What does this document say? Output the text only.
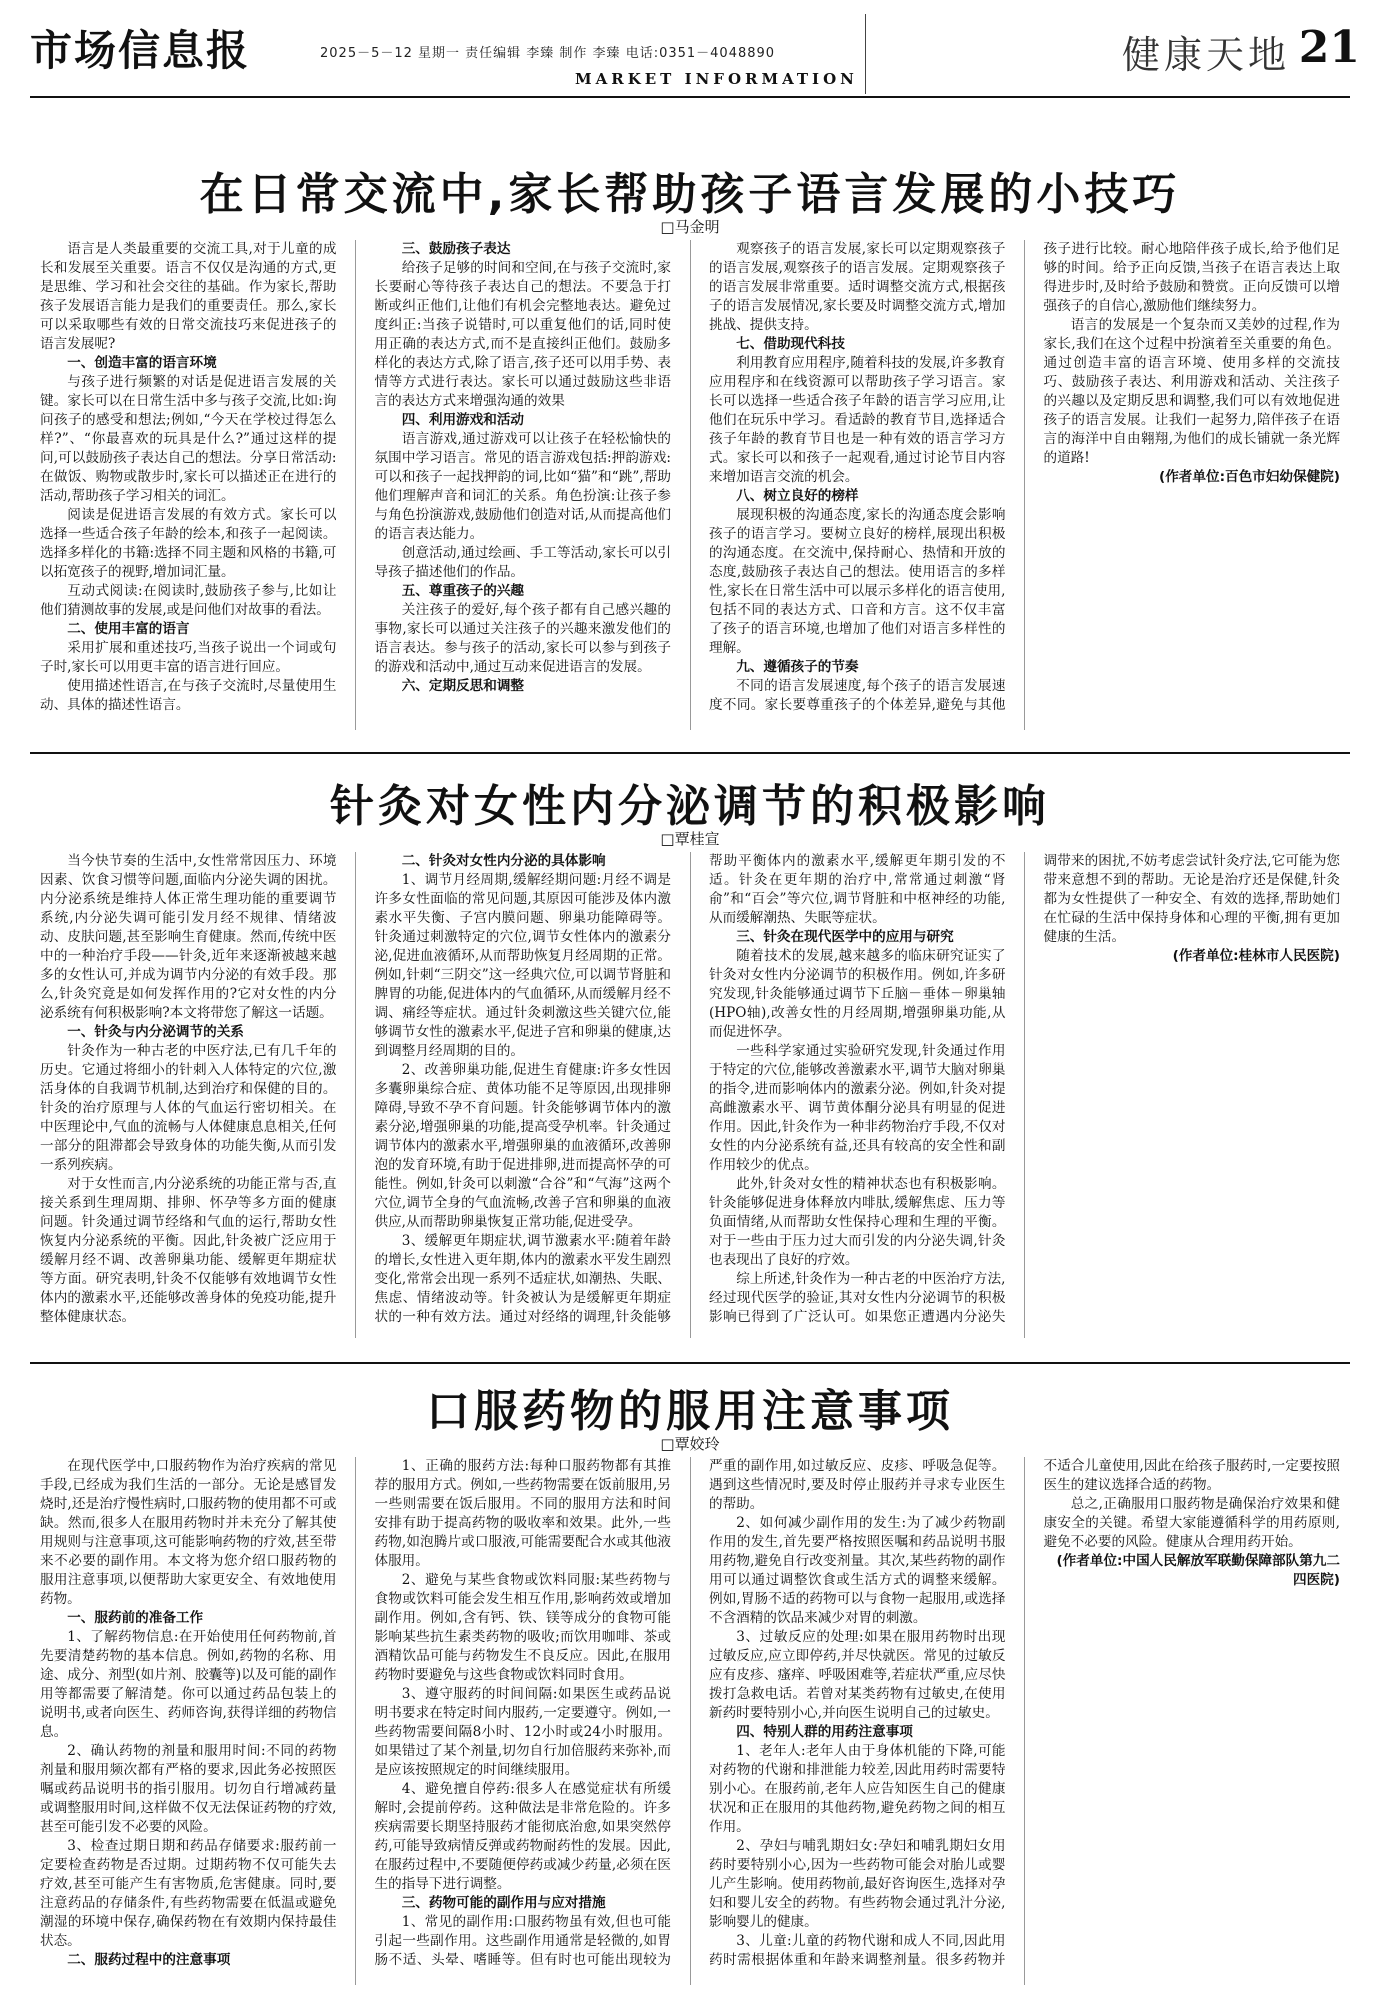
市场信息报	2025－5－12 星期一 责任编辑 李臻 制作 李臻 电话:0351－4048890
MARKET INFORMATION
健康天地 21
在日常交流中,家长帮助孩子语言发展的小技巧
□马金明

语言是人类最重要的交流工具,对于儿童的成长和发展至关重要。语言不仅仅是沟通的方式,更是思维、学习和社会交往的基础。作为家长,帮助孩子发展语言能力是我们的重要责任。那么,家长可以采取哪些有效的日常交流技巧来促进孩子的语言发展呢?

一、创造丰富的语言环境

与孩子进行频繁的对话是促进语言发展的关键。家长可以在日常生活中多与孩子交流,比如:询问孩子的感受和想法;例如,“今天在学校过得怎么样?”、“你最喜欢的玩具是什么?”通过这样的提问,可以鼓励孩子表达自己的想法。分享日常活动:在做饭、购物或散步时,家长可以描述正在进行的活动,帮助孩子学习相关的词汇。

阅读是促进语言发展的有效方式。家长可以选择一些适合孩子年龄的绘本,和孩子一起阅读。选择多样化的书籍:选择不同主题和风格的书籍,可以拓宽孩子的视野,增加词汇量。

互动式阅读:在阅读时,鼓励孩子参与,比如让他们猜测故事的发展,或是问他们对故事的看法。

二、使用丰富的语言

采用扩展和重述技巧,当孩子说出一个词或句子时,家长可以用更丰富的语言进行回应。

使用描述性语言,在与孩子交流时,尽量使用生动、具体的描述性语言。

三、鼓励孩子表达

给孩子足够的时间和空间,在与孩子交流时,家长要耐心等待孩子表达自己的想法。不要急于打断或纠正他们,让他们有机会完整地表达。避免过度纠正:当孩子说错时,可以重复他们的话,同时使用正确的表达方式,而不是直接纠正他们。鼓励多样化的表达方式,除了语言,孩子还可以用手势、表情等方式进行表达。家长可以通过鼓励这些非语言的表达方式来增强沟通的效果

四、利用游戏和活动

语言游戏,通过游戏可以让孩子在轻松愉快的氛围中学习语言。常见的语言游戏包括:押韵游戏:可以和孩子一起找押韵的词,比如“猫”和“跳”,帮助他们理解声音和词汇的关系。角色扮演:让孩子参与角色扮演游戏,鼓励他们创造对话,从而提高他们的语言表达能力。

创意活动,通过绘画、手工等活动,家长可以引导孩子描述他们的作品。

五、尊重孩子的兴趣

关注孩子的爱好,每个孩子都有自己感兴趣的事物,家长可以通过关注孩子的兴趣来激发他们的语言表达。参与孩子的活动,家长可以参与到孩子的游戏和活动中,通过互动来促进语言的发展。

六、定期反思和调整

观察孩子的语言发展,家长可以定期观察孩子的语言发展,观察孩子的语言发展。定期观察孩子的语言发展非常重要。适时调整交流方式,根据孩子的语言发展情况,家长要及时调整交流方式,增加挑战、提供支持。

七、借助现代科技

利用教育应用程序,随着科技的发展,许多教育应用程序和在线资源可以帮助孩子学习语言。家长可以选择一些适合孩子年龄的语言学习应用,让他们在玩乐中学习。看适龄的教育节目,选择适合孩子年龄的教育节目也是一种有效的语言学习方式。家长可以和孩子一起观看,通过讨论节目内容来增加语言交流的机会。

八、树立良好的榜样

展现积极的沟通态度,家长的沟通态度会影响孩子的语言学习。要树立良好的榜样,展现出积极的沟通态度。在交流中,保持耐心、热情和开放的态度,鼓励孩子表达自己的想法。使用语言的多样性,家长在日常生活中可以展示多样化的语言使用,包括不同的表达方式、口音和方言。这不仅丰富了孩子的语言环境,也增加了他们对语言多样性的理解。

九、遵循孩子的节奏

不同的语言发展速度,每个孩子的语言发展速度不同。家长要尊重孩子的个体差异,避免与其他孩子进行比较。耐心地陪伴孩子成长,给予他们足够的时间。给予正向反馈,当孩子在语言表达上取得进步时,及时给予鼓励和赞赏。正向反馈可以增强孩子的自信心,激励他们继续努力。

语言的发展是一个复杂而又美妙的过程,作为家长,我们在这个过程中扮演着至关重要的角色。通过创造丰富的语言环境、使用多样的交流技巧、鼓励孩子表达、利用游戏和活动、关注孩子的兴趣以及定期反思和调整,我们可以有效地促进孩子的语言发展。让我们一起努力,陪伴孩子在语言的海洋中自由翱翔,为他们的成长铺就一条光辉的道路!

(作者单位:百色市妇幼保健院)
针灸对女性内分泌调节的积极影响
□覃桂宣

当今快节奏的生活中,女性常常因压力、环境因素、饮食习惯等问题,面临内分泌失调的困扰。内分泌系统是维持人体正常生理功能的重要调节系统,内分泌失调可能引发月经不规律、情绪波动、皮肤问题,甚至影响生育健康。然而,传统中医中的一种治疗手段——针灸,近年来逐渐被越来越多的女性认可,并成为调节内分泌的有效手段。那么,针灸究竟是如何发挥作用的?它对女性的内分泌系统有何积极影响?本文将带您了解这一话题。

一、针灸与内分泌调节的关系

针灸作为一种古老的中医疗法,已有几千年的历史。它通过将细小的针刺入人体特定的穴位,激活身体的自我调节机制,达到治疗和保健的目的。针灸的治疗原理与人体的气血运行密切相关。在中医理论中,气血的流畅与人体健康息息相关,任何一部分的阻滞都会导致身体的功能失衡,从而引发一系列疾病。

对于女性而言,内分泌系统的功能正常与否,直接关系到生理周期、排卵、怀孕等多方面的健康问题。针灸通过调节经络和气血的运行,帮助女性恢复内分泌系统的平衡。因此,针灸被广泛应用于缓解月经不调、改善卵巢功能、缓解更年期症状等方面。研究表明,针灸不仅能够有效地调节女性体内的激素水平,还能够改善身体的免疫功能,提升整体健康状态。

二、针灸对女性内分泌的具体影响

1、调节月经周期,缓解经期问题:月经不调是许多女性面临的常见问题,其原因可能涉及体内激素水平失衡、子宫内膜问题、卵巢功能障碍等。针灸通过刺激特定的穴位,调节女性体内的激素分泌,促进血液循环,从而帮助恢复月经周期的正常。例如,针刺“三阴交”这一经典穴位,可以调节肾脏和脾胃的功能,促进体内的气血循环,从而缓解月经不调、痛经等症状。通过针灸刺激这些关键穴位,能够调节女性的激素水平,促进子宫和卵巢的健康,达到调整月经周期的目的。

2、改善卵巢功能,促进生育健康:许多女性因多囊卵巢综合症、黄体功能不足等原因,出现排卵障碍,导致不孕不育问题。针灸能够调节体内的激素分泌,增强卵巢的功能,提高受孕机率。针灸通过调节体内的激素水平,增强卵巢的血液循环,改善卵泡的发育环境,有助于促进排卵,进而提高怀孕的可能性。例如,针灸可以刺激“合谷”和“气海”这两个穴位,调节全身的气血流畅,改善子宫和卵巢的血液供应,从而帮助卵巢恢复正常功能,促进受孕。

3、缓解更年期症状,调节激素水平:随着年龄的增长,女性进入更年期,体内的激素水平发生剧烈变化,常常会出现一系列不适症状,如潮热、失眠、焦虑、情绪波动等。针灸被认为是缓解更年期症状的一种有效方法。通过对经络的调理,针灸能够帮助平衡体内的激素水平,缓解更年期引发的不适。针灸在更年期的治疗中,常常通过刺激“肾俞”和“百会”等穴位,调节肾脏和中枢神经的功能,从而缓解潮热、失眠等症状。

三、针灸在现代医学中的应用与研究

随着技术的发展,越来越多的临床研究证实了针灸对女性内分泌调节的积极作用。例如,许多研究发现,针灸能够通过调节下丘脑－垂体－卵巢轴(HPO轴),改善女性的月经周期,增强卵巢功能,从而促进怀孕。

一些科学家通过实验研究发现,针灸通过作用于特定的穴位,能够改善激素水平,调节大脑对卵巢的指令,进而影响体内的激素分泌。例如,针灸对提高雌激素水平、调节黄体酮分泌具有明显的促进作用。因此,针灸作为一种非药物治疗手段,不仅对女性的内分泌系统有益,还具有较高的安全性和副作用较少的优点。

此外,针灸对女性的精神状态也有积极影响。针灸能够促进身体释放内啡肽,缓解焦虑、压力等负面情绪,从而帮助女性保持心理和生理的平衡。对于一些由于压力过大而引发的内分泌失调,针灸也表现出了良好的疗效。

综上所述,针灸作为一种古老的中医治疗方法,经过现代医学的验证,其对女性内分泌调节的积极影响已得到了广泛认可。如果您正遭遇内分泌失调带来的困扰,不妨考虑尝试针灸疗法,它可能为您带来意想不到的帮助。无论是治疗还是保健,针灸都为女性提供了一种安全、有效的选择,帮助她们在忙碌的生活中保持身体和心理的平衡,拥有更加健康的生活。

(作者单位:桂林市人民医院)
口服药物的服用注意事项
□覃姣玲

在现代医学中,口服药物作为治疗疾病的常见手段,已经成为我们生活的一部分。无论是感冒发烧时,还是治疗慢性病时,口服药物的使用都不可或缺。然而,很多人在服用药物时并未充分了解其使用规则与注意事项,这可能影响药物的疗效,甚至带来不必要的副作用。本文将为您介绍口服药物的服用注意事项,以便帮助大家更安全、有效地使用药物。

一、服药前的准备工作

1、了解药物信息:在开始使用任何药物前,首先要清楚药物的基本信息。例如,药物的名称、用途、成分、剂型(如片剂、胶囊等)以及可能的副作用等都需要了解清楚。你可以通过药品包装上的说明书,或者向医生、药师咨询,获得详细的药物信息。

2、确认药物的剂量和服用时间:不同的药物剂量和服用频次都有严格的要求,因此务必按照医嘱或药品说明书的指引服用。切勿自行增减药量或调整服用时间,这样做不仅无法保证药物的疗效,甚至可能引发不必要的风险。

3、检查过期日期和药品存储要求:服药前一定要检查药物是否过期。过期药物不仅可能失去疗效,甚至可能产生有害物质,危害健康。同时,要注意药品的存储条件,有些药物需要在低温或避免潮湿的环境中保存,确保药物在有效期内保持最佳状态。

二、服药过程中的注意事项

1、正确的服药方法:每种口服药物都有其推荐的服用方式。例如,一些药物需要在饭前服用,另一些则需要在饭后服用。不同的服用方法和时间安排有助于提高药物的吸收率和效果。此外,一些药物,如泡腾片或口服液,可能需要配合水或其他液体服用。

2、避免与某些食物或饮料同服:某些药物与食物或饮料可能会发生相互作用,影响药效或增加副作用。例如,含有钙、铁、镁等成分的食物可能影响某些抗生素类药物的吸收;而饮用咖啡、茶或酒精饮品可能与药物发生不良反应。因此,在服用药物时要避免与这些食物或饮料同时食用。

3、遵守服药的时间间隔:如果医生或药品说明书要求在特定时间内服药,一定要遵守。例如,一些药物需要间隔8小时、12小时或24小时服用。如果错过了某个剂量,切勿自行加倍服药来弥补,而是应该按照规定的时间继续服用。

4、避免擅自停药:很多人在感觉症状有所缓解时,会提前停药。这种做法是非常危险的。许多疾病需要长期坚持服药才能彻底治愈,如果突然停药,可能导致病情反弹或药物耐药性的发展。因此,在服药过程中,不要随便停药或减少药量,必须在医生的指导下进行调整。

三、药物可能的副作用与应对措施

1、常见的副作用:口服药物虽有效,但也可能引起一些副作用。这些副作用通常是轻微的,如胃肠不适、头晕、嗜睡等。但有时也可能出现较为严重的副作用,如过敏反应、皮疹、呼吸急促等。遇到这些情况时,要及时停止服药并寻求专业医生的帮助。

2、如何减少副作用的发生:为了减少药物副作用的发生,首先要严格按照医嘱和药品说明书服用药物,避免自行改变剂量。其次,某些药物的副作用可以通过调整饮食或生活方式的调整来缓解。例如,胃肠不适的药物可以与食物一起服用,或选择不含酒精的饮品来减少对胃的刺激。

3、过敏反应的处理:如果在服用药物时出现过敏反应,应立即停药,并尽快就医。常见的过敏反应有皮疹、瘙痒、呼吸困难等,若症状严重,应尽快拨打急救电话。若曾对某类药物有过敏史,在使用新药时要特别小心,并向医生说明自己的过敏史。

四、特别人群的用药注意事项

1、老年人:老年人由于身体机能的下降,可能对药物的代谢和排泄能力较差,因此用药时需要特别小心。在服药前,老年人应告知医生自己的健康状况和正在服用的其他药物,避免药物之间的相互作用。

2、孕妇与哺乳期妇女:孕妇和哺乳期妇女用药时要特别小心,因为一些药物可能会对胎儿或婴儿产生影响。使用药物前,最好咨询医生,选择对孕妇和婴儿安全的药物。有些药物会通过乳汁分泌,影响婴儿的健康。

3、儿童:儿童的药物代谢和成人不同,因此用药时需根据体重和年龄来调整剂量。很多药物并不适合儿童使用,因此在给孩子服药时,一定要按照医生的建议选择合适的药物。

总之,正确服用口服药物是确保治疗效果和健康安全的关键。希望大家能遵循科学的用药原则,避免不必要的风险。健康从合理用药开始。

(作者单位:中国人民解放军联勤保障部队第九二四医院)
